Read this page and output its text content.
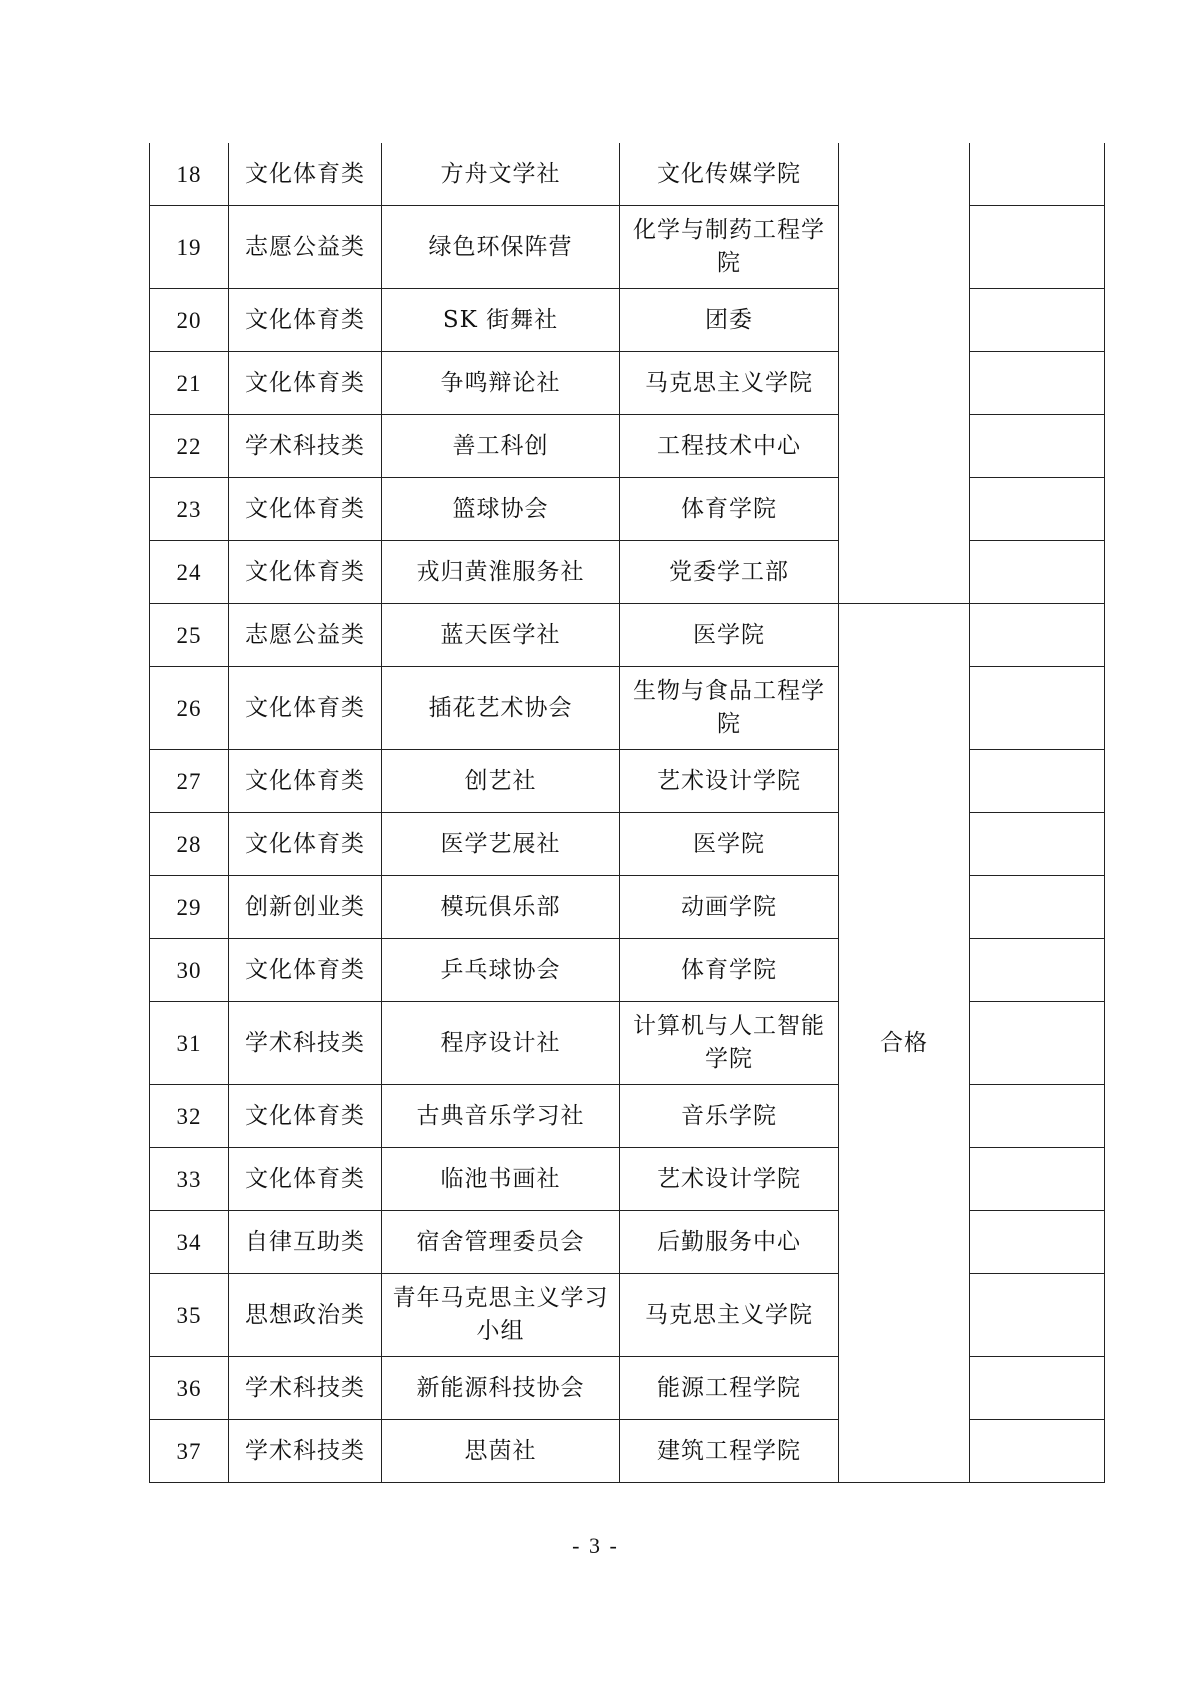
18	文化体育类	方舟文学社	文化传媒学院		
19	志愿公益类	绿色环保阵营	化学与制药工程学院		
20	文化体育类	SK 街舞社	团委		
21	文化体育类	争鸣辩论社	马克思主义学院		
22	学术科技类	善工科创	工程技术中心		
23	文化体育类	篮球协会	体育学院		
24	文化体育类	戎归黄淮服务社	党委学工部		
25	志愿公益类	蓝天医学社	医学院	合格	
26	文化体育类	插花艺术协会	生物与食品工程学院		
27	文化体育类	创艺社	艺术设计学院		
28	文化体育类	医学艺展社	医学院		
29	创新创业类	模玩俱乐部	动画学院		
30	文化体育类	乒乓球协会	体育学院		
31	学术科技类	程序设计社	计算机与人工智能学院		
32	文化体育类	古典音乐学习社	音乐学院		
33	文化体育类	临池书画社	艺术设计学院		
34	自律互助类	宿舍管理委员会	后勤服务中心		
35	思想政治类	青年马克思主义学习小组	马克思主义学院		
36	学术科技类	新能源科技协会	能源工程学院		
37	学术科技类	思茵社	建筑工程学院		
- 3 -
